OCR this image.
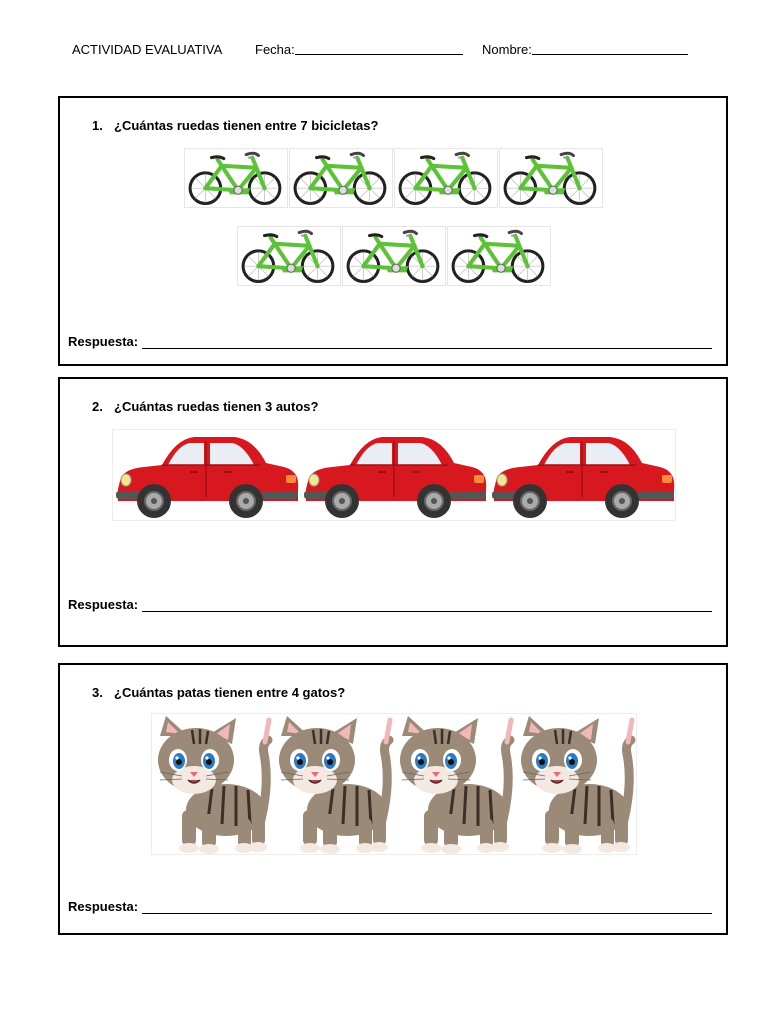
ACTIVIDAD EVALUATIVA	Fecha:	Nombre:
1. ¿Cuántas ruedas tienen entre 7 bicicletas?
Respuesta:
2. ¿Cuántas ruedas tienen 3 autos?
Respuesta:
3. ¿Cuántas patas tienen entre 4 gatos?
Respuesta:
